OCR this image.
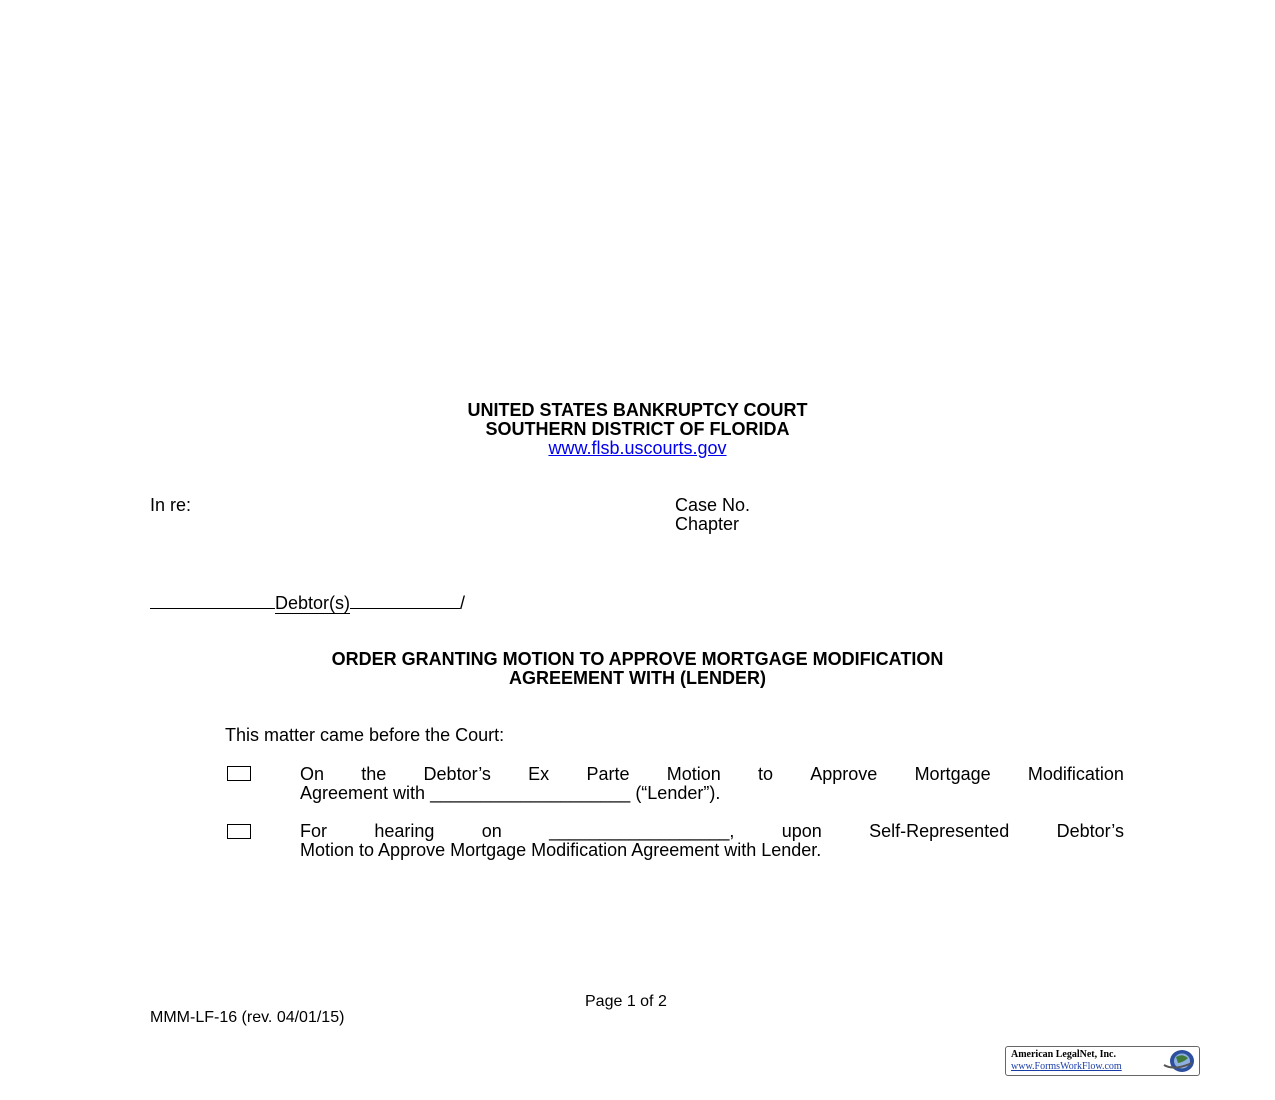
UNITED STATES BANKRUPTCY COURT
SOUTHERN DISTRICT OF FLORIDA
www.flsb.uscourts.gov
In re:	Case No.
Chapter
Debtor(s)	/
ORDER GRANTING MOTION TO APPROVE MORTGAGE MODIFICATION
AGREEMENT WITH (LENDER)
This matter came before the Court:
On the Debtor’s Ex Parte Motion to Approve Mortgage Modification
Agreement with ____________________ (“Lender”).
For	hearing	on	__________________,	upon	Self-Represented	Debtor’s
Motion to Approve Mortgage Modification Agreement with Lender.
Page 1 of 2
MMM-LF-16 (rev. 04/01/15)
American LegalNet, Inc.
www.FormsWorkFlow.com
